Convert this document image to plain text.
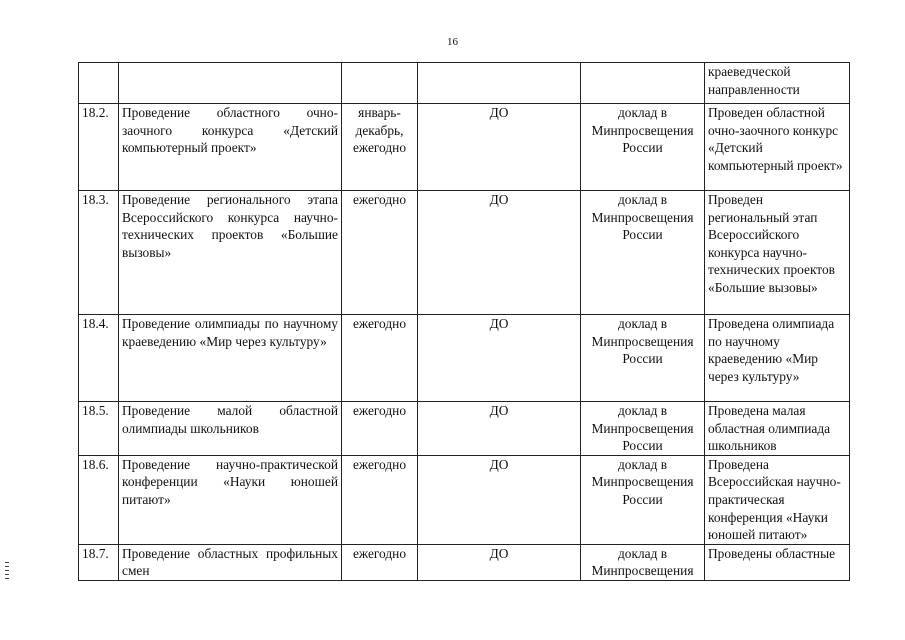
16
					краеведческой направленности
18.2.	Проведение областного очно-заочного конкурса «Детский компьютерный проект»	январь-декабрь, ежегодно	ДО	доклад в Минпросвещения России	Проведен областной очно-заочного конкурс «Детский компьютерный проект»
18.3.	Проведение регионального этапа Всероссийского конкурса научно-технических проектов «Большие вызовы»	ежегодно	ДО	доклад в Минпросвещения России	Проведен региональный этап Всероссийского конкурса научно-технических проектов «Большие вызовы»
18.4.	Проведение олимпиады по научному краеведению «Мир через культуру»	ежегодно	ДО	доклад в Минпросвещения России	Проведена олимпиада по научному краеведению «Мир через культуру»
18.5.	Проведение малой областной олимпиады школьников	ежегодно	ДО	доклад в Минпросвещения России	Проведена малая областная олимпиада школьников
18.6.	Проведение научно-практической конференции «Науки юношей питают»	ежегодно	ДО	доклад в Минпросвещения России	Проведена Всероссийская научно-практическая конференция «Науки юношей питают»
18.7.	Проведение областных профильных смен	ежегодно	ДО	доклад в Минпросвещения	Проведены областные
